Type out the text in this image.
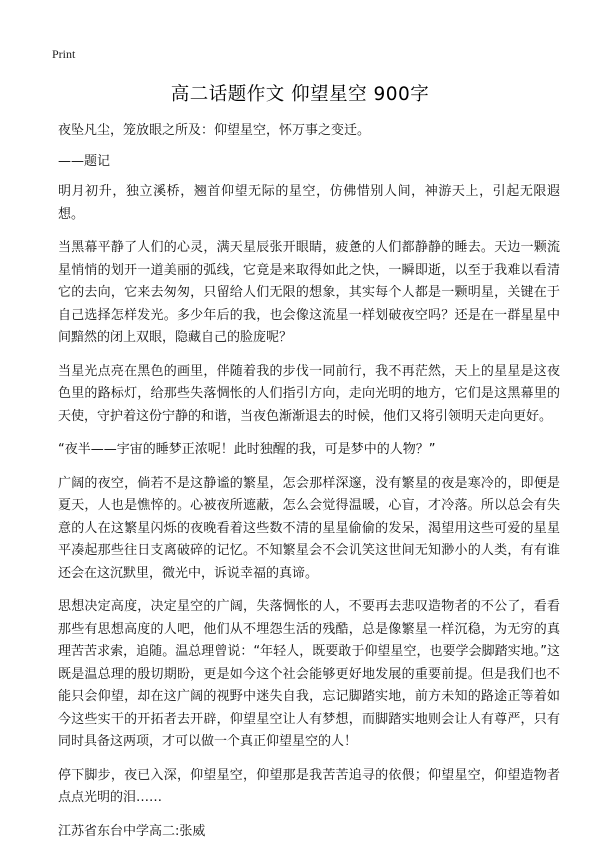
Print
高二话题作文 仰望星空 900字

夜坠凡尘，笼放眼之所及：仰望星空，怀万事之变迁。

——题记

明月初升，独立溪桥，翘首仰望无际的星空，仿佛惜别人间，神游天上，引起无限遐想。

当黑幕平静了人们的心灵，满天星辰张开眼睛，疲惫的人们都静静的睡去。天边一颗流星悄悄的划开一道美丽的弧线，它竟是来取得如此之快，一瞬即逝，以至于我难以看清它的去向，它来去匆匆，只留给人们无限的想象，其实每个人都是一颗明星，关键在于自己选择怎样发光。多少年后的我，也会像这流星一样划破夜空吗？还是在一群星星中间黯然的闭上双眼，隐藏自己的脸庞呢？

当星光点亮在黑色的画里，伴随着我的步伐一同前行，我不再茫然，天上的星星是这夜色里的路标灯，给那些失落惆怅的人们指引方向，走向光明的地方，它们是这黑幕里的天使，守护着这份宁静的和谐，当夜色渐渐退去的时候，他们又将引领明天走向更好。

“夜半——宇宙的睡梦正浓呢！此时独醒的我，可是梦中的人物？”

广阔的夜空，倘若不是这静谧的繁星，怎会那样深邃，没有繁星的夜是寒冷的，即便是夏天，人也是憔悴的。心被夜所遮蔽，怎么会觉得温暖，心盲，才冷落。所以总会有失意的人在这繁星闪烁的夜晚看着这些数不清的星星偷偷的发呆，渴望用这些可爱的星星平凑起那些往日支离破碎的记忆。不知繁星会不会讥笑这世间无知渺小的人类，有有谁还会在这沉默里，微光中，诉说幸福的真谛。

思想决定高度，决定星空的广阔，失落惆怅的人，不要再去悲叹造物者的不公了，看看那些有思想高度的人吧，他们从不埋怨生活的残酷，总是像繁星一样沉稳，为无穷的真理苦苦求索，追随。温总理曾说：“年轻人，既要敢于仰望星空，也要学会脚踏实地。”这既是温总理的殷切期盼，更是如今这个社会能够更好地发展的重要前提。但是我们也不能只会仰望，却在这广阔的视野中迷失自我，忘记脚踏实地，前方未知的路途正等着如今这些实干的开拓者去开辟，仰望星空让人有梦想，而脚踏实地则会让人有尊严，只有同时具备这两项，才可以做一个真正仰望星空的人！

停下脚步，夜已入深，仰望星空，仰望那是我苦苦追寻的依偎；仰望星空，仰望造物者点点光明的泪……

江苏省东台中学高二:张威
